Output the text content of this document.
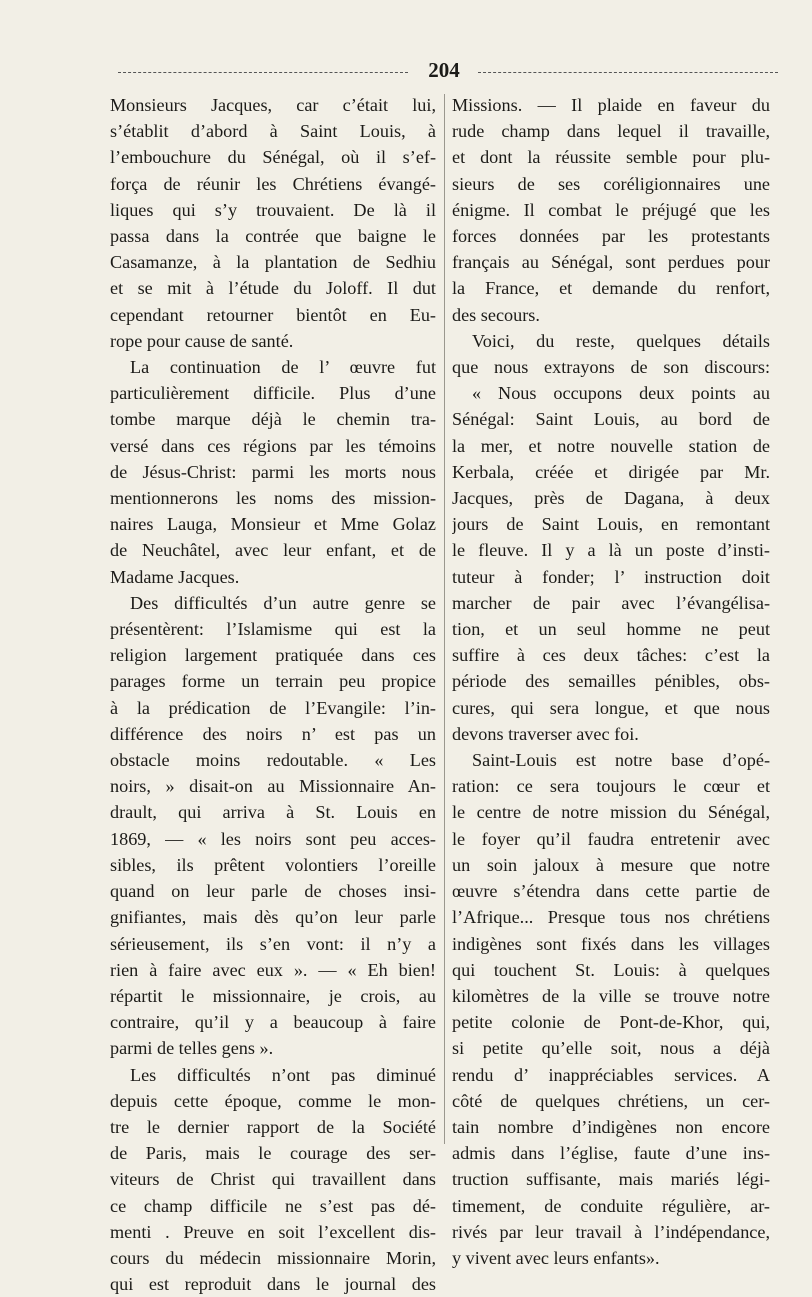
204
Monsieurs Jacques, car c’était lui,
s’établit d’abord à Saint Louis, à
l’embouchure du Sénégal, où il s’ef-
força de réunir les Chrétiens évangé-
liques qui s’y trouvaient. De là il
passa dans la contrée que baigne le
Casamanze, à la plantation de Sedhiu
et se mit à l’étude du Joloff. Il dut
cependant retourner bientôt en Eu-
rope pour cause de santé.
La continuation de l’ œuvre fut
particulièrement difficile. Plus d’une
tombe marque déjà le chemin tra-
versé dans ces régions par les témoins
de Jésus-Christ: parmi les morts nous
mentionnerons les noms des mission-
naires Lauga, Monsieur et Mme Golaz
de Neuchâtel, avec leur enfant, et de
Madame Jacques.
Des difficultés d’un autre genre se
présentèrent: l’Islamisme qui est la
religion largement pratiquée dans ces
parages forme un terrain peu propice
à la prédication de l’Evangile: l’in-
différence des noirs n’ est pas un
obstacle moins redoutable. « Les
noirs, » disait-on au Missionnaire An-
drault, qui arriva à St. Louis en
1869, — « les noirs sont peu acces-
sibles, ils prêtent volontiers l’oreille
quand on leur parle de choses insi-
gnifiantes, mais dès qu’on leur parle
sérieusement, ils s’en vont: il n’y a
rien à faire avec eux ». — « Eh bien!
répartit le missionnaire, je crois, au
contraire, qu’il y a beaucoup à faire
parmi de telles gens ».
Les difficultés n’ont pas diminué
depuis cette époque, comme le mon-
tre le dernier rapport de la Société
de Paris, mais le courage des ser-
viteurs de Christ qui travaillent dans
ce champ difficile ne s’est pas dé-
menti . Preuve en soit l’excellent dis-
cours du médecin missionnaire Morin,
qui est reproduit dans le journal des
Missions. — Il plaide en faveur du
rude champ dans lequel il travaille,
et dont la réussite semble pour plu-
sieurs de ses coréligionnaires une
énigme. Il combat le préjugé que les
forces données par les protestants
français au Sénégal, sont perdues pour
la France, et demande du renfort,
des secours.
Voici, du reste, quelques détails
que nous extrayons de son discours:
« Nous occupons deux points au
Sénégal: Saint Louis, au bord de
la mer, et notre nouvelle station de
Kerbala, créée et dirigée par Mr.
Jacques, près de Dagana, à deux
jours de Saint Louis, en remontant
le fleuve. Il y a là un poste d’insti-
tuteur à fonder; l’ instruction doit
marcher de pair avec l’évangélisa-
tion, et un seul homme ne peut
suffire à ces deux tâches: c’est la
période des semailles pénibles, obs-
cures, qui sera longue, et que nous
devons traverser avec foi.
Saint-Louis est notre base d’opé-
ration: ce sera toujours le cœur et
le centre de notre mission du Sénégal,
le foyer qu’il faudra entretenir avec
un soin jaloux à mesure que notre
œuvre s’étendra dans cette partie de
l’Afrique... Presque tous nos chrétiens
indigènes sont fixés dans les villages
qui touchent St. Louis: à quelques
kilomètres de la ville se trouve notre
petite colonie de Pont-de-Khor, qui,
si petite qu’elle soit, nous a déjà
rendu d’ inappréciables services. A
côté de quelques chrétiens, un cer-
tain nombre d’indigènes non encore
admis dans l’église, faute d’une ins-
truction suffisante, mais mariés légi-
timement, de conduite régulière, ar-
rivés par leur travail à l’indépendance,
y vivent avec leurs enfants».
